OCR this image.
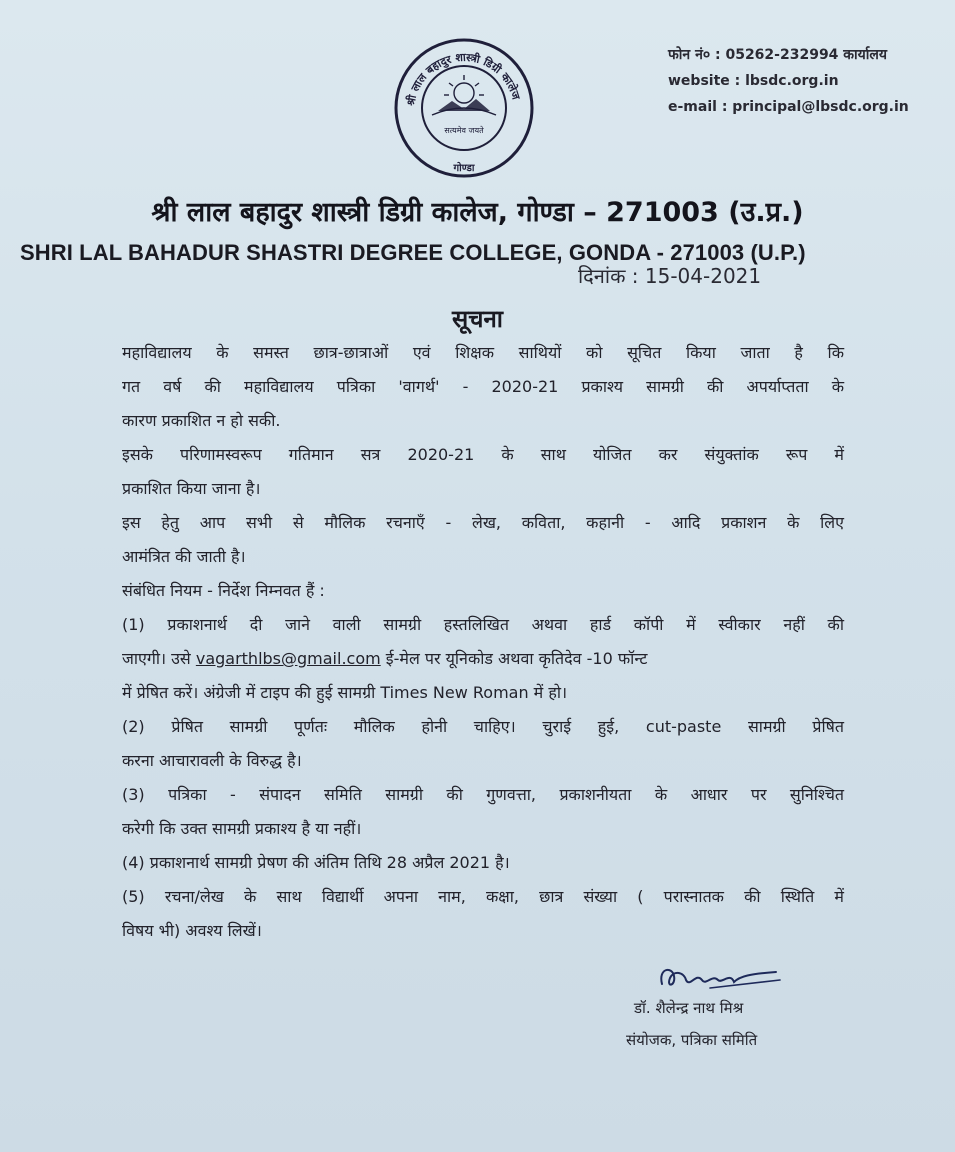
श्री लाल बहादुर शास्त्री डिग्री कालेज
सत्यमेव जयते
गोण्डा
फोन नं० : 05262-232994 कार्यालय
website : lbsdc.org.in
e-mail : principal@lbsdc.org.in
श्री लाल बहादुर शास्त्री डिग्री कालेज, गोण्डा – 271003 (उ.प्र.)
SHRI LAL BAHADUR SHASTRI DEGREE COLLEGE, GONDA - 271003 (U.P.)
दिनांक : 15-04-2021
सूचना
महाविद्यालय के समस्त छात्र-छात्राओं एवं शिक्षक साथियों को सूचित किया जाता है कि
गत वर्ष की महाविद्यालय पत्रिका 'वागर्थ' - 2020-21 प्रकाश्य सामग्री की अपर्याप्तता के
कारण प्रकाशित न हो सकी.
इसके परिणामस्वरूप गतिमान सत्र 2020-21 के साथ योजित कर संयुक्तांक रूप में
प्रकाशित किया जाना है।
इस हेतु आप सभी से मौलिक रचनाएँ - लेख, कविता, कहानी - आदि प्रकाशन के लिए
आमंत्रित की जाती है।
संबंधित नियम - निर्देश निम्नवत हैं :
(1) प्रकाशनार्थ दी जाने वाली सामग्री हस्तलिखित अथवा हार्ड कॉपी में स्वीकार नहीं की
जाएगी। उसे vagarthlbs@gmail.com ई-मेल पर यूनिकोड अथवा कृतिदेव -10 फॉन्ट
में प्रेषित करें। अंग्रेजी में टाइप की हुई सामग्री Times New Roman में हो।
(2) प्रेषित सामग्री पूर्णतः मौलिक होनी चाहिए। चुराई हुई, cut-paste सामग्री प्रेषित
करना आचारावली के विरुद्ध है।
(3) पत्रिका - संपादन समिति सामग्री की गुणवत्ता, प्रकाशनीयता के आधार पर सुनिश्चित
करेगी कि उक्त सामग्री प्रकाश्य है या नहीं।
(4) प्रकाशनार्थ सामग्री प्रेषण की अंतिम तिथि 28 अप्रैल 2021 है।
(5) रचना/लेख के साथ विद्यार्थी अपना नाम, कक्षा, छात्र संख्या ( परास्नातक की स्थिति में
विषय भी) अवश्य लिखें।
डॉ. शैलेन्द्र नाथ मिश्र
संयोजक, पत्रिका समिति
